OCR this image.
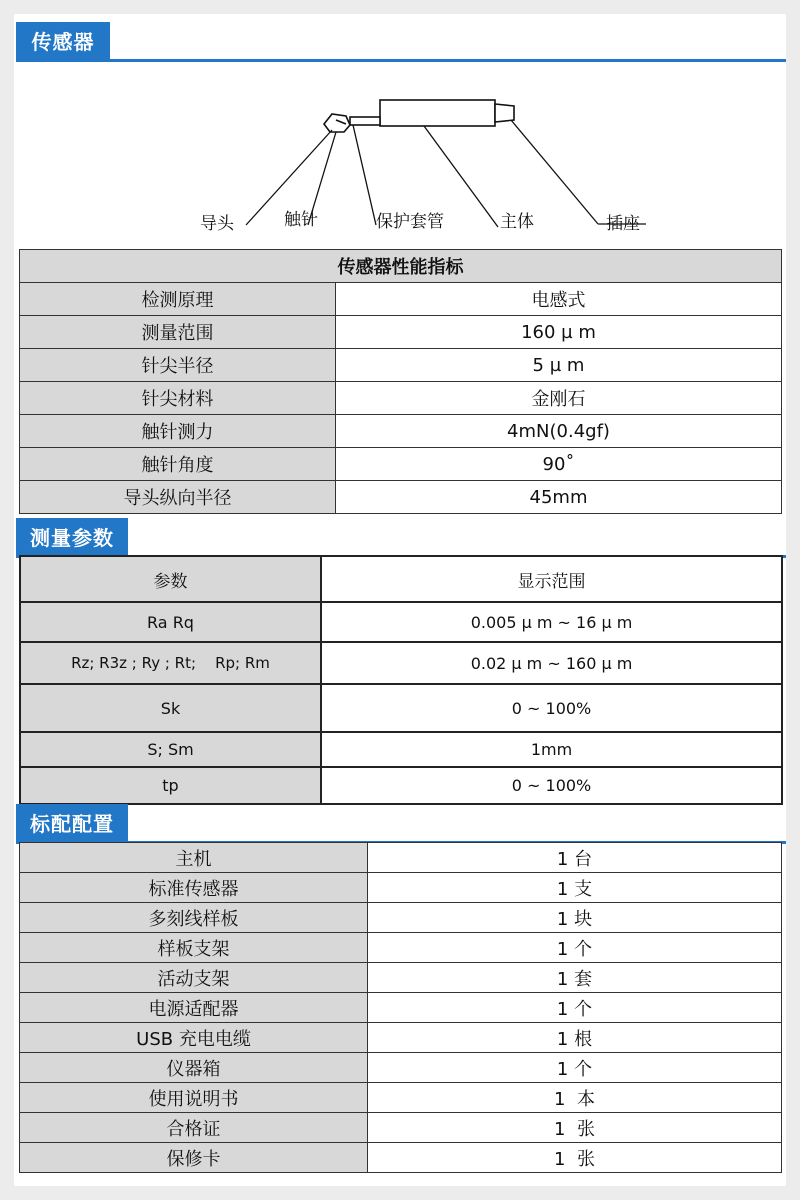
传感器
导头	触针	保护套管	主体	插座
传感器性能指标	
检测原理	电感式
测量范围	160 µ m
针尖半径	5 µ m
针尖材料	金刚石
触针测力	4mN(0.4gf)
触针角度	90˚
导头纵向半径	45mm
测量参数
参数	显示范围
Ra Rq	0.005 µ m ~ 16 µ m
Rz; R3z ; Ry ; Rt;    Rp; Rm	0.02 µ m ~ 160 µ m
Sk	0 ~ 100%
S; Sm	1mm
tp	0 ~ 100%
标配配置
主机	1 台
标准传感器	1 支
多刻线样板	1 块
样板支架	1 个
活动支架	1 套
电源适配器	1 个
USB 充电电缆	1 根
仪器箱	1 个
使用说明书	1  本
合格证	1  张
保修卡	1  张
